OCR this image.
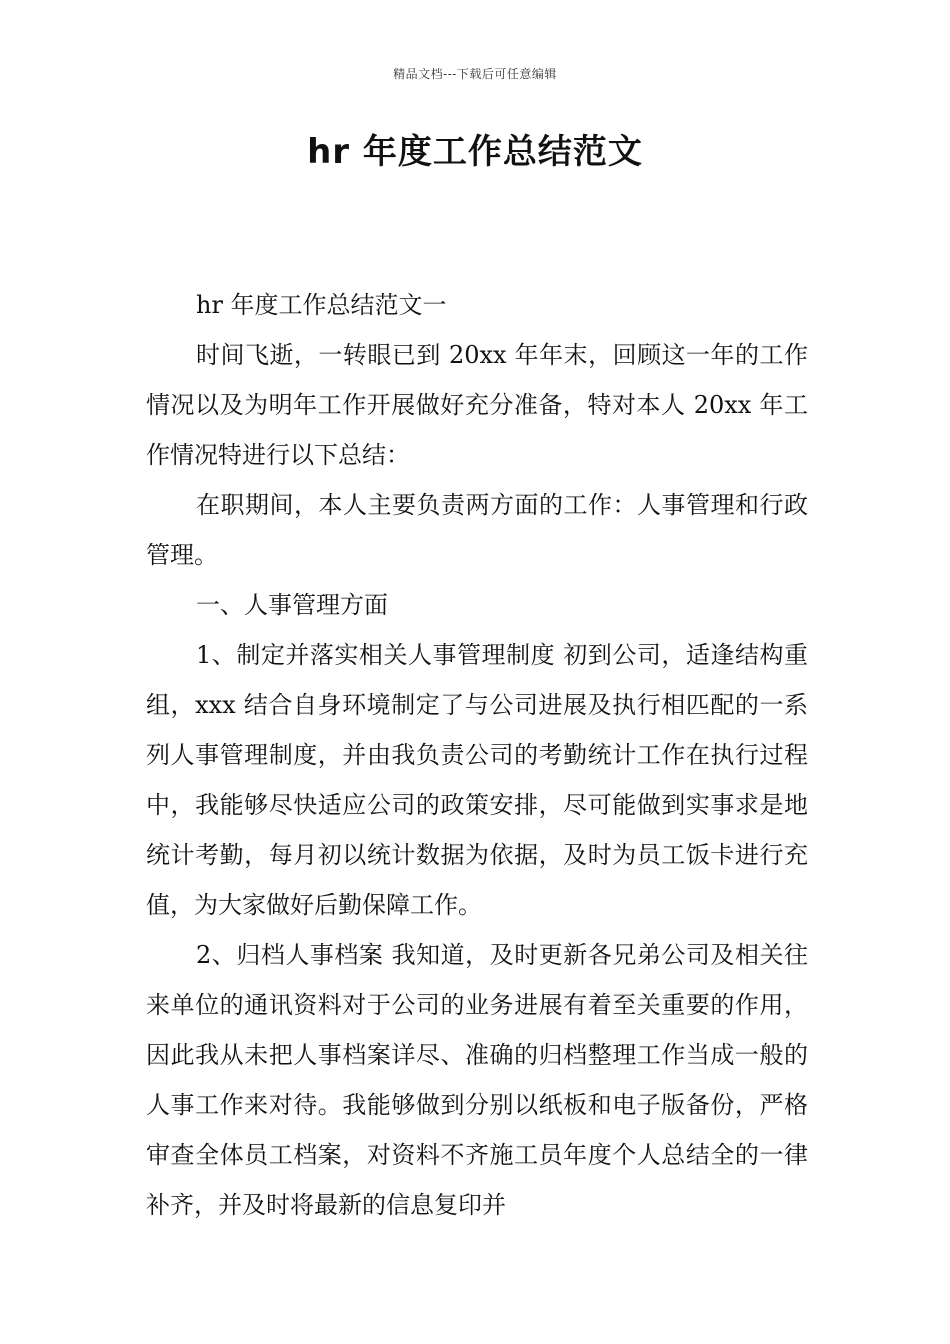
精品文档---下载后可任意编辑
hr 年度工作总结范文

hr 年度工作总结范文一

时间飞逝，一转眼已到 20xx 年年末，回顾这一年的工作情况以及为明年工作开展做好充分准备，特对本人 20xx 年工作情况特进行以下总结：

在职期间，本人主要负责两方面的工作：人事管理和行政管理。

一、人事管理方面

1、制定并落实相关人事管理制度 初到公司，适逢结构重组，xxx 结合自身环境制定了与公司进展及执行相匹配的一系列人事管理制度，并由我负责公司的考勤统计工作在执行过程中，我能够尽快适应公司的政策安排，尽可能做到实事求是地统计考勤，每月初以统计数据为依据，及时为员工饭卡进行充值，为大家做好后勤保障工作。

2、归档人事档案 我知道，及时更新各兄弟公司及相关往来单位的通讯资料对于公司的业务进展有着至关重要的作用，因此我从未把人事档案详尽、准确的归档整理工作当成一般的人事工作来对待。我能够做到分别以纸板和电子版备份，严格审查全体员工档案，对资料不齐施工员年度个人总结全的一律补齐，并及时将最新的信息复印并
